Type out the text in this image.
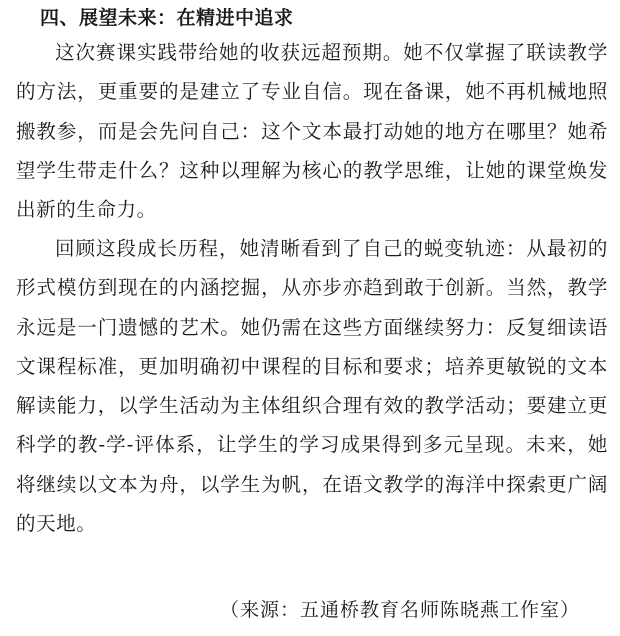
四、展望未来：在精进中追求

这次赛课实践带给她的收获远超预期。她不仅掌握了联读教学的方法，更重要的是建立了专业自信。现在备课，她不再机械地照搬教参，而是会先问自己：这个文本最打动她的地方在哪里？她希望学生带走什么？这种以理解为核心的教学思维，让她的课堂焕发出新的生命力。

回顾这段成长历程，她清晰看到了自己的蜕变轨迹：从最初的形式模仿到现在的内涵挖掘，从亦步亦趋到敢于创新。当然，教学永远是一门遗憾的艺术。她仍需在这些方面继续努力：反复细读语文课程标准，更加明确初中课程的目标和要求；培养更敏锐的文本解读能力，以学生活动为主体组织合理有效的教学活动；要建立更科学的教-学-评体系，让学生的学习成果得到多元呈现。未来，她将继续以文本为舟，以学生为帆，在语文教学的海洋中探索更广阔的天地。

（来源：五通桥教育名师陈晓燕工作室）
